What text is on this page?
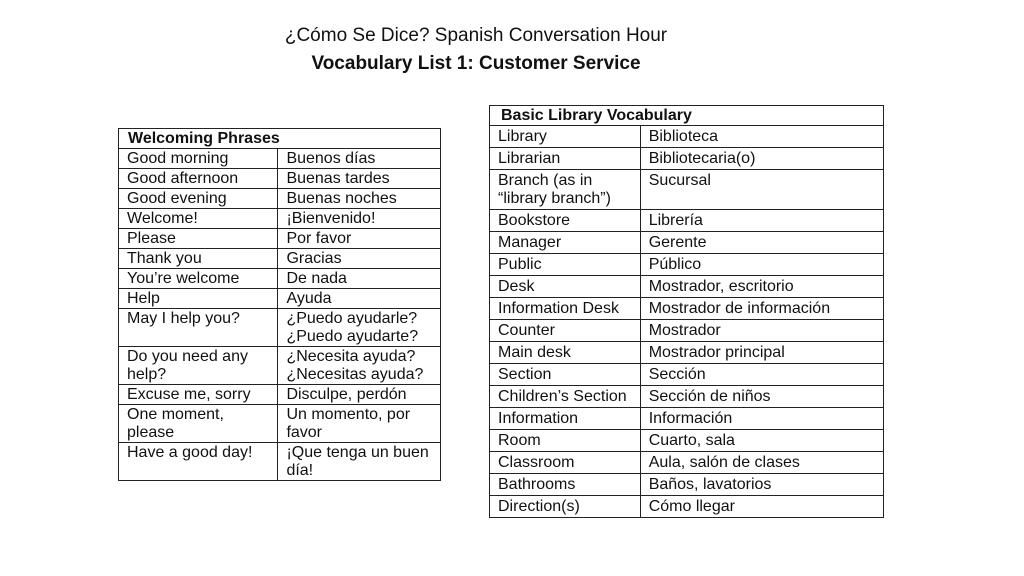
¿Cómo Se Dice? Spanish Conversation Hour
Vocabulary List 1: Customer Service
Welcoming Phrases	
Good morning	Buenos días
Good afternoon	Buenas tardes
Good evening	Buenas noches
Welcome!	¡Bienvenido!
Please	Por favor
Thank you	Gracias
You’re welcome	De nada
Help	Ayuda
May I help you?	¿Puedo ayudarle? ¿Puedo ayudarte?
Do you need any help?	¿Necesita ayuda? ¿Necesitas ayuda?
Excuse me, sorry	Disculpe, perdón
One moment, please	Un momento, por favor
Have a good day!	¡Que tenga un buen día!
Basic Library Vocabulary	
Library	Biblioteca
Librarian	Bibliotecaria(o)
Branch (as in “library branch”)	Sucursal
Bookstore	Librería
Manager	Gerente
Public	Público
Desk	Mostrador, escritorio
Information Desk	Mostrador de información
Counter	Mostrador
Main desk	Mostrador principal
Section	Sección
Children’s Section	Sección de niños
Information	Información
Room	Cuarto, sala
Classroom	Aula, salón de clases
Bathrooms	Baños, lavatorios
Direction(s)	Cómo llegar
